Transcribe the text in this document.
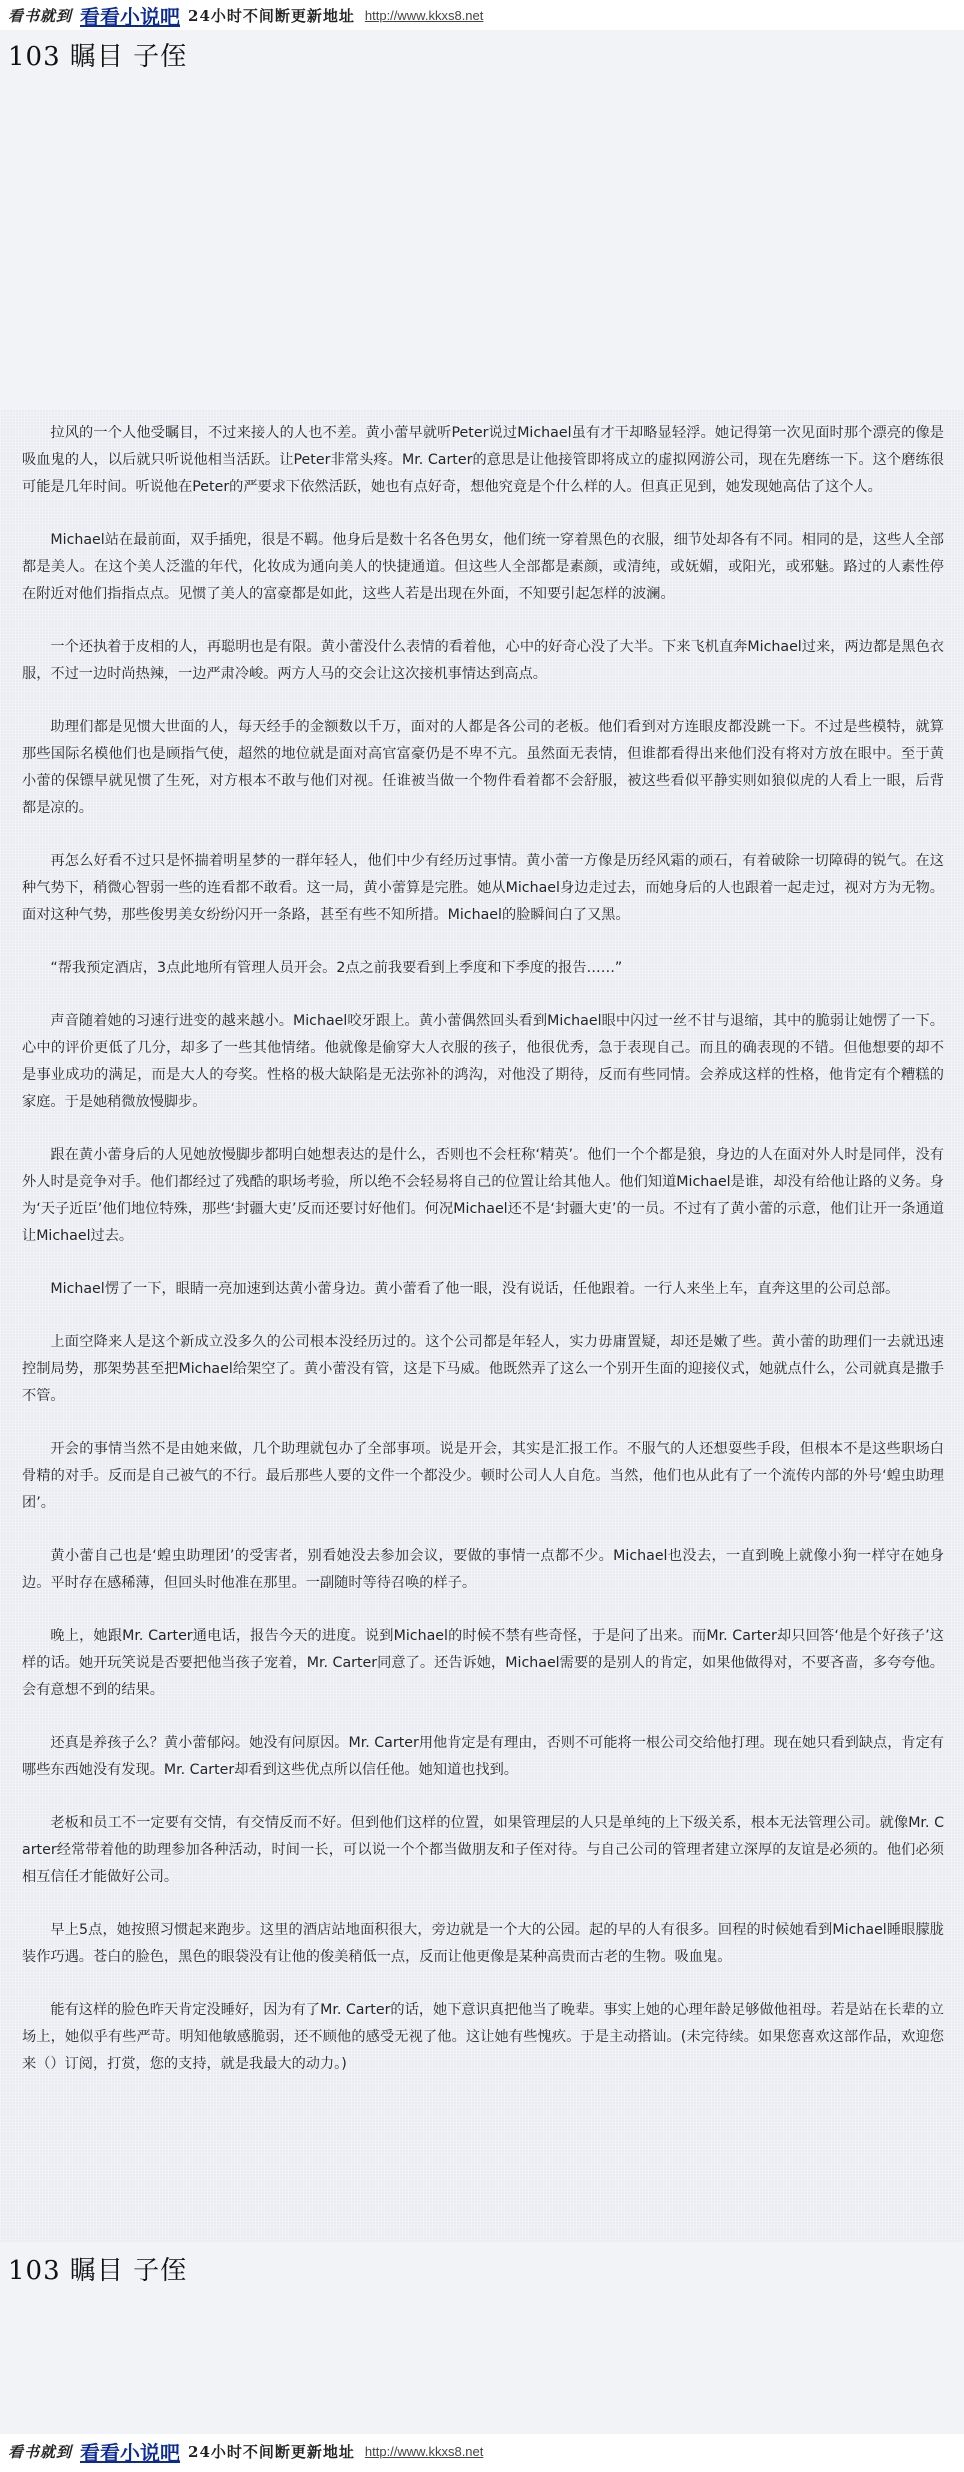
看书就到 看看小说吧 24小时不间断更新地址 http://www.kkxs8.net
103 瞩目 子侄

拉风的一个人他受瞩目，不过来接人的人也不差。黄小蕾早就听Peter说过Michael虽有才干却略显轻浮。她记得第一次见面时那个漂亮的像是吸血鬼的人，以后就只听说他相当活跃。让Peter非常头疼。Mr. Carter的意思是让他接管即将成立的虚拟网游公司，现在先磨练一下。这个磨练很可能是几年时间。听说他在Peter的严要求下依然活跃，她也有点好奇，想他究竟是个什么样的人。但真正见到，她发现她高估了这个人。

Michael站在最前面，双手插兜，很是不羁。他身后是数十名各色男女，他们统一穿着黑色的衣服，细节处却各有不同。相同的是，这些人全部都是美人。在这个美人泛滥的年代，化妆成为通向美人的快捷通道。但这些人全部都是素颜，或清纯，或妩媚，或阳光，或邪魅。路过的人素性停在附近对他们指指点点。见惯了美人的富豪都是如此，这些人若是出现在外面，不知要引起怎样的波澜。

一个还执着于皮相的人，再聪明也是有限。黄小蕾没什么表情的看着他，心中的好奇心没了大半。下来飞机直奔Michael过来，两边都是黑色衣服，不过一边时尚热辣，一边严肃冷峻。两方人马的交会让这次接机事情达到高点。

助理们都是见惯大世面的人，每天经手的金额数以千万，面对的人都是各公司的老板。他们看到对方连眼皮都没跳一下。不过是些模特，就算那些国际名模他们也是顾指气使，超然的地位就是面对高官富豪仍是不卑不亢。虽然面无表情，但谁都看得出来他们没有将对方放在眼中。至于黄小蕾的保镖早就见惯了生死，对方根本不敢与他们对视。任谁被当做一个物件看着都不会舒服，被这些看似平静实则如狼似虎的人看上一眼，后背都是凉的。

再怎么好看不过只是怀揣着明星梦的一群年轻人，他们中少有经历过事情。黄小蕾一方像是历经风霜的顽石，有着破除一切障碍的锐气。在这种气势下，稍微心智弱一些的连看都不敢看。这一局，黄小蕾算是完胜。她从Michael身边走过去，而她身后的人也跟着一起走过，视对方为无物。面对这种气势，那些俊男美女纷纷闪开一条路，甚至有些不知所措。Michael的脸瞬间白了又黑。

“帮我预定酒店，3点此地所有管理人员开会。2点之前我要看到上季度和下季度的报告……”

声音随着她的习速行进变的越来越小。Michael咬牙跟上。黄小蕾偶然回头看到Michael眼中闪过一丝不甘与退缩，其中的脆弱让她愣了一下。心中的评价更低了几分，却多了一些其他情绪。他就像是偷穿大人衣服的孩子，他很优秀，急于表现自己。而且的确表现的不错。但他想要的却不是事业成功的满足，而是大人的夸奖。性格的极大缺陷是无法弥补的鸿沟，对他没了期待，反而有些同情。会养成这样的性格，他肯定有个糟糕的家庭。于是她稍微放慢脚步。

跟在黄小蕾身后的人见她放慢脚步都明白她想表达的是什么，否则也不会枉称‘精英’。他们一个个都是狼，身边的人在面对外人时是同伴，没有外人时是竞争对手。他们都经过了残酷的职场考验，所以绝不会轻易将自己的位置让给其他人。他们知道Michael是谁，却没有给他让路的义务。身为‘天子近臣’他们地位特殊，那些‘封疆大吏’反而还要讨好他们。何况Michael还不是‘封疆大吏’的一员。不过有了黄小蕾的示意，他们让开一条通道让Michael过去。

Michael愣了一下，眼睛一亮加速到达黄小蕾身边。黄小蕾看了他一眼，没有说话，任他跟着。一行人来坐上车，直奔这里的公司总部。

上面空降来人是这个新成立没多久的公司根本没经历过的。这个公司都是年轻人，实力毋庸置疑，却还是嫩了些。黄小蕾的助理们一去就迅速控制局势，那架势甚至把Michael给架空了。黄小蕾没有管，这是下马威。他既然弄了这么一个别开生面的迎接仪式，她就点什么，公司就真是撒手不管。

开会的事情当然不是由她来做，几个助理就包办了全部事项。说是开会，其实是汇报工作。不服气的人还想耍些手段，但根本不是这些职场白骨精的对手。反而是自己被气的不行。最后那些人要的文件一个都没少。顿时公司人人自危。当然，他们也从此有了一个流传内部的外号‘蝗虫助理团’。

黄小蕾自己也是‘蝗虫助理团’的受害者，别看她没去参加会议，要做的事情一点都不少。Michael也没去，一直到晚上就像小狗一样守在她身边。平时存在感稀薄，但回头时他准在那里。一副随时等待召唤的样子。

晚上，她跟Mr. Carter通电话，报告今天的进度。说到Michael的时候不禁有些奇怪，于是问了出来。而Mr. Carter却只回答‘他是个好孩子’这样的话。她开玩笑说是否要把他当孩子宠着，Mr. Carter同意了。还告诉她，Michael需要的是别人的肯定，如果他做得对，不要吝啬，多夸夸他。会有意想不到的结果。

还真是养孩子么？黄小蕾郁闷。她没有问原因。Mr. Carter用他肯定是有理由，否则不可能将一根公司交给他打理。现在她只看到缺点，肯定有哪些东西她没有发现。Mr. Carter却看到这些优点所以信任他。她知道也找到。

老板和员工不一定要有交情，有交情反而不好。但到他们这样的位置，如果管理层的人只是单纯的上下级关系，根本无法管理公司。就像Mr. Carter经常带着他的助理参加各种活动，时间一长，可以说一个个都当做朋友和子侄对待。与自己公司的管理者建立深厚的友谊是必须的。他们必须相互信任才能做好公司。

早上5点，她按照习惯起来跑步。这里的酒店站地面积很大，旁边就是一个大的公园。起的早的人有很多。回程的时候她看到Michael睡眼朦胧装作巧遇。苍白的脸色，黑色的眼袋没有让他的俊美稍低一点，反而让他更像是某种高贵而古老的生物。吸血鬼。

能有这样的脸色昨天肯定没睡好，因为有了Mr. Carter的话，她下意识真把他当了晚辈。事实上她的心理年龄足够做他祖母。若是站在长辈的立场上，她似乎有些严苛。明知他敏感脆弱，还不顾他的感受无视了他。这让她有些愧疚。于是主动搭讪。(未完待续。如果您喜欢这部作品，欢迎您来（）订阅，打赏，您的支持，就是我最大的动力。)

103 瞩目 子侄
看书就到 看看小说吧 24小时不间断更新地址 http://www.kkxs8.net
